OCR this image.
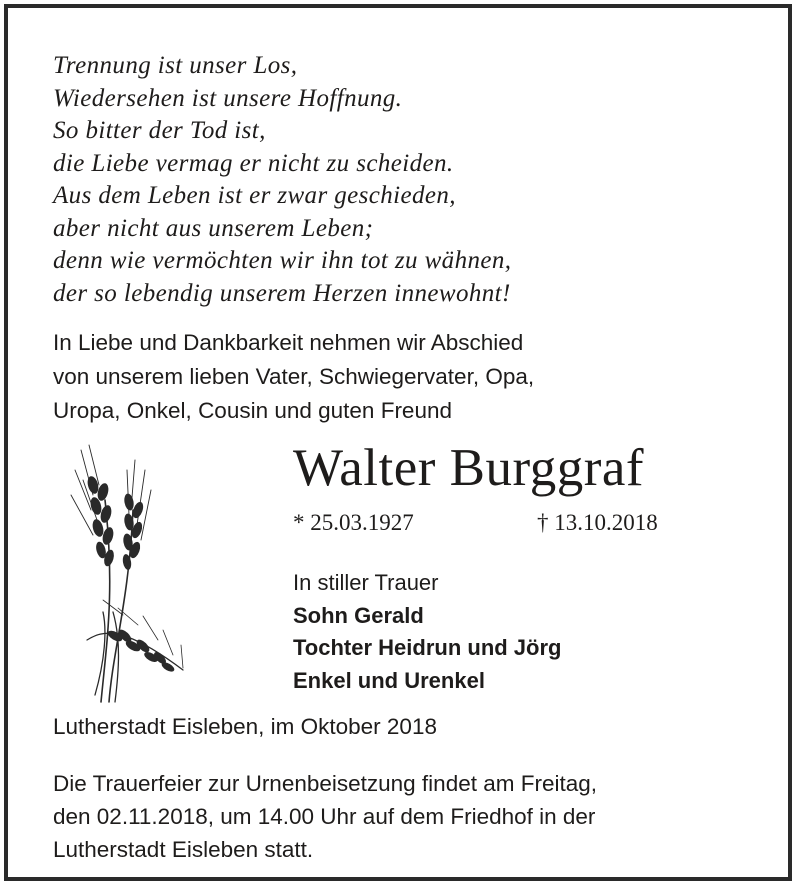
Trennung ist unser Los,
Wiedersehen ist unsere Hoffnung.
So bitter der Tod ist,
die Liebe vermag er nicht zu scheiden.
Aus dem Leben ist er zwar geschieden,
aber nicht aus unserem Leben;
denn wie vermöchten wir ihn tot zu wähnen,
der so lebendig unserem Herzen innewohnt!
In Liebe und Dankbarkeit nehmen wir Abschied
von unserem lieben Vater, Schwiegervater, Opa,
Uropa, Onkel, Cousin und guten Freund
Walter Burggraf
* 25.03.1927	† 13.10.2018
In stiller Trauer
Sohn Gerald
Tochter Heidrun und Jörg
Enkel und Urenkel
Lutherstadt Eisleben, im Oktober 2018
Die Trauerfeier zur Urnenbeisetzung findet am Freitag,
den 02.11.2018, um 14.00 Uhr auf dem Friedhof in der
Lutherstadt Eisleben statt.
